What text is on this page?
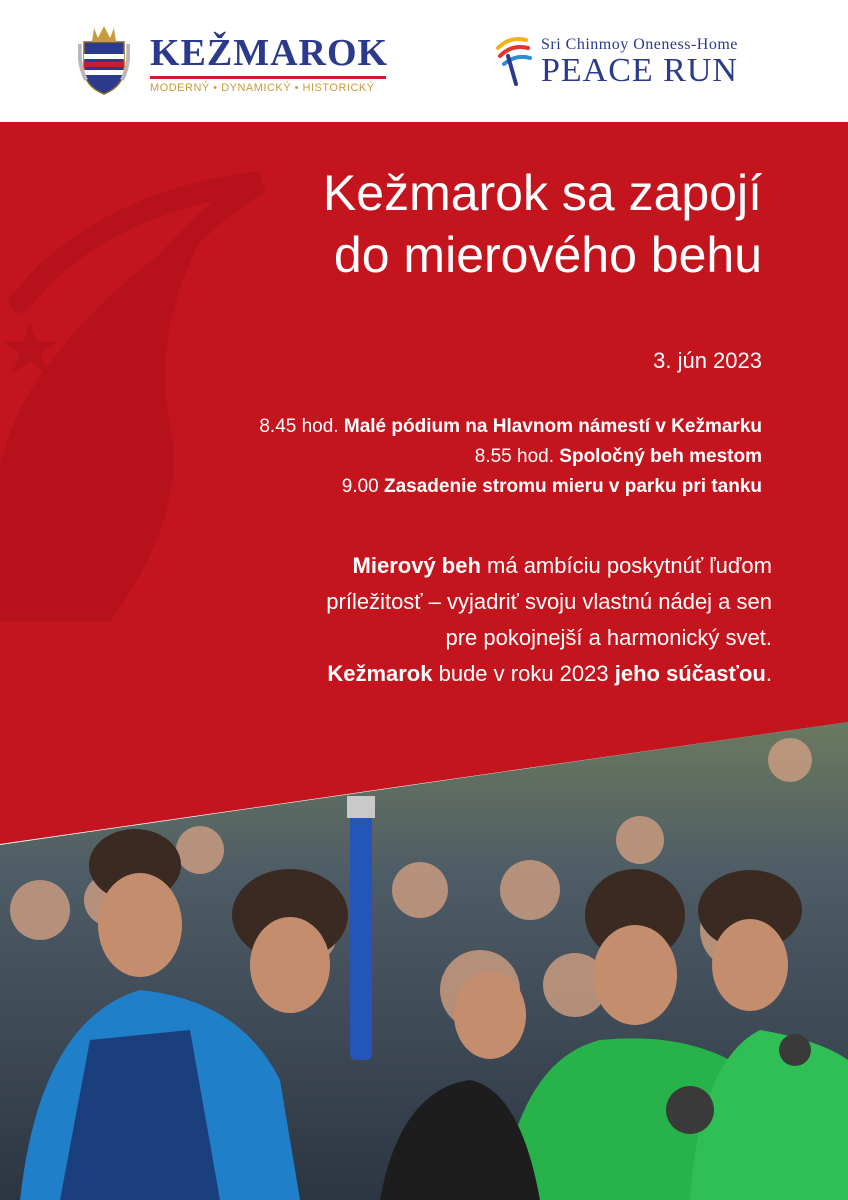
KEŽMAROK
MODERNÝ • DYNAMICKÝ • HISTORICKÝ
Sri Chinmoy Oneness-Home
PEACE RUN
Kežmarok sa zapojí
do mierového behu
3. jún 2023
8.45 hod. Malé pódium na Hlavnom námestí v Kežmarku
8.55 hod. Spoločný beh mestom
9.00 Zasadenie stromu mieru v parku pri tanku
Mierový beh má ambíciu poskytnúť ľuďom
príležitosť – vyjadriť svoju vlastnú nádej a sen
pre pokojnejší a harmonický svet.
Kežmarok bude v roku 2023 jeho súčasťou.
